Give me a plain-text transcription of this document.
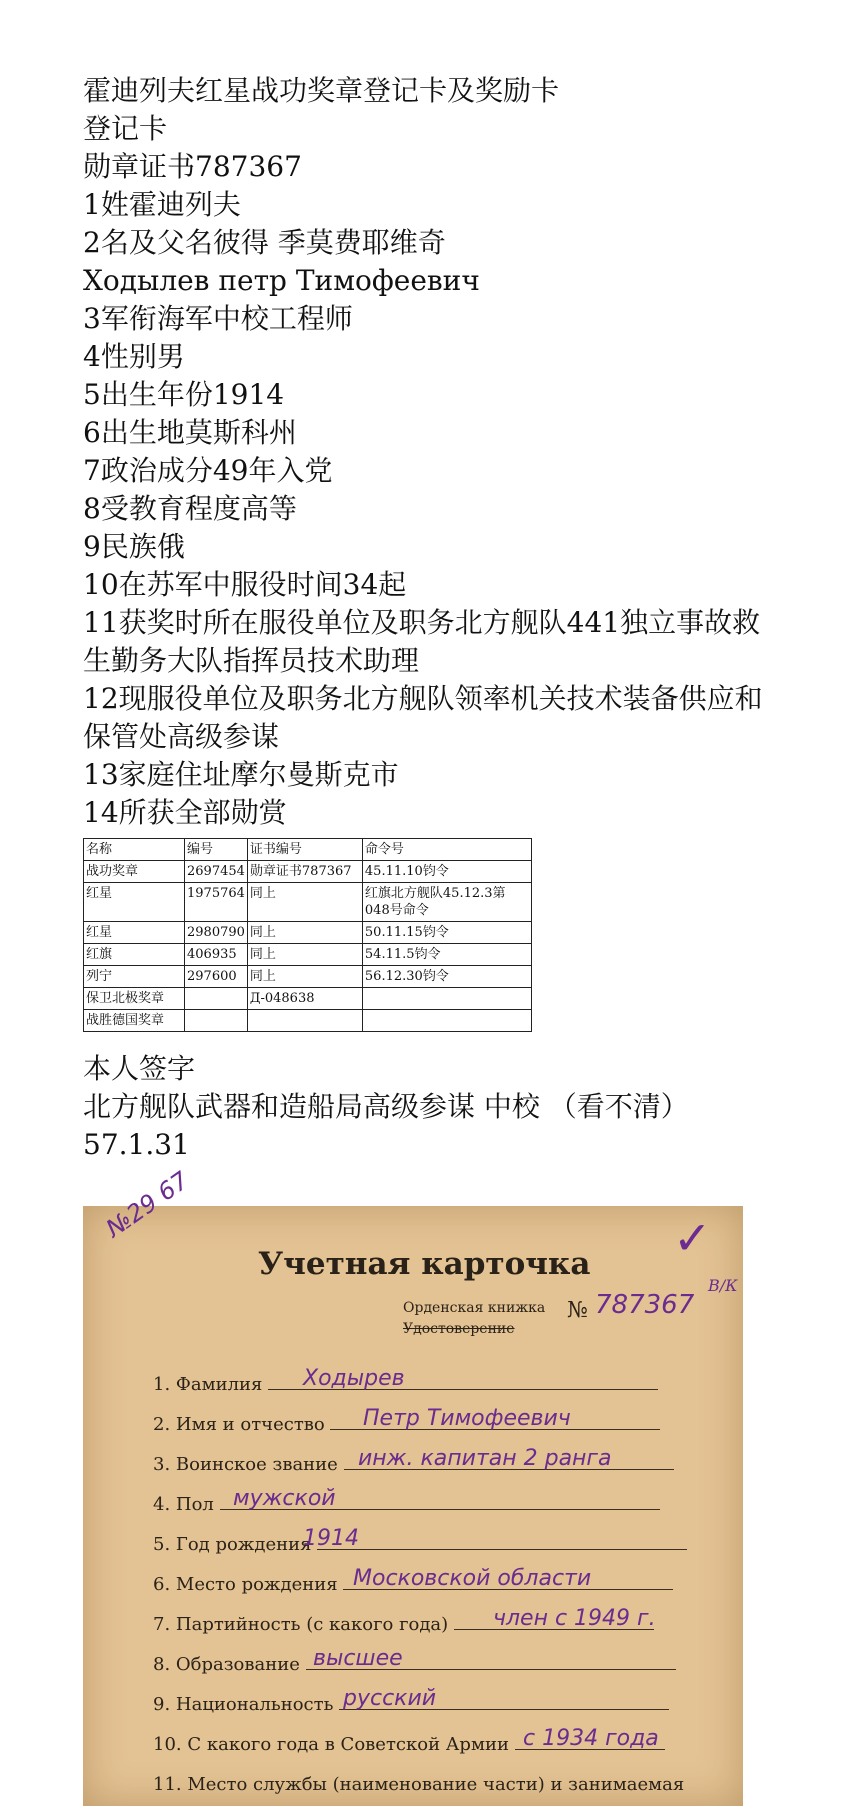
霍迪列夫红星战功奖章登记卡及奖励卡
登记卡
勋章证书787367
1姓霍迪列夫
2名及父名彼得 季莫费耶维奇
Ходылев петр Тимофеевич
3军衔海军中校工程师
4性别男
5出生年份1914
6出生地莫斯科州
7政治成分49年入党
8受教育程度高等
9民族俄
10在苏军中服役时间34起
11获奖时所在服役单位及职务北方舰队441独立事故救生勤务大队指挥员技术助理
12现服役单位及职务北方舰队领率机关技术装备供应和保管处高级参谋
13家庭住址摩尔曼斯克市
14所获全部勋赏
名称	编号	证书编号	命令号
战功奖章	2697454	勋章证书787367	45.11.10钧令
红星	1975764	同上	红旗北方舰队45.12.3第048号命令
红星	2980790	同上	50.11.15钧令
红旗	406935	同上	54.11.5钧令
列宁	297600	同上	56.12.30钧令
保卫北极奖章		Д-048638	
战胜德国奖章			
本人签字
北方舰队武器和造船局高级参谋 中校 （看不清）
57.1.31
№29 67	✓
Учетная карточка
Орденская книжка
Удостоверение
№ 787367
В/К
1. Фамилия Ходырев
2. Имя и отчество Петр Тимофеевич
3. Воинское звание инж. капитан 2 ранга
4. Пол мужской
5. Год рождения
1914
6. Место рождения Московской области
7. Партийность (с какого года) член с 1949 г.
8. Образование высшее
9. Национальность русский
10. С какого года в Советской Армии с 1934 года
11. Место службы (наименование части) и занимаемая
